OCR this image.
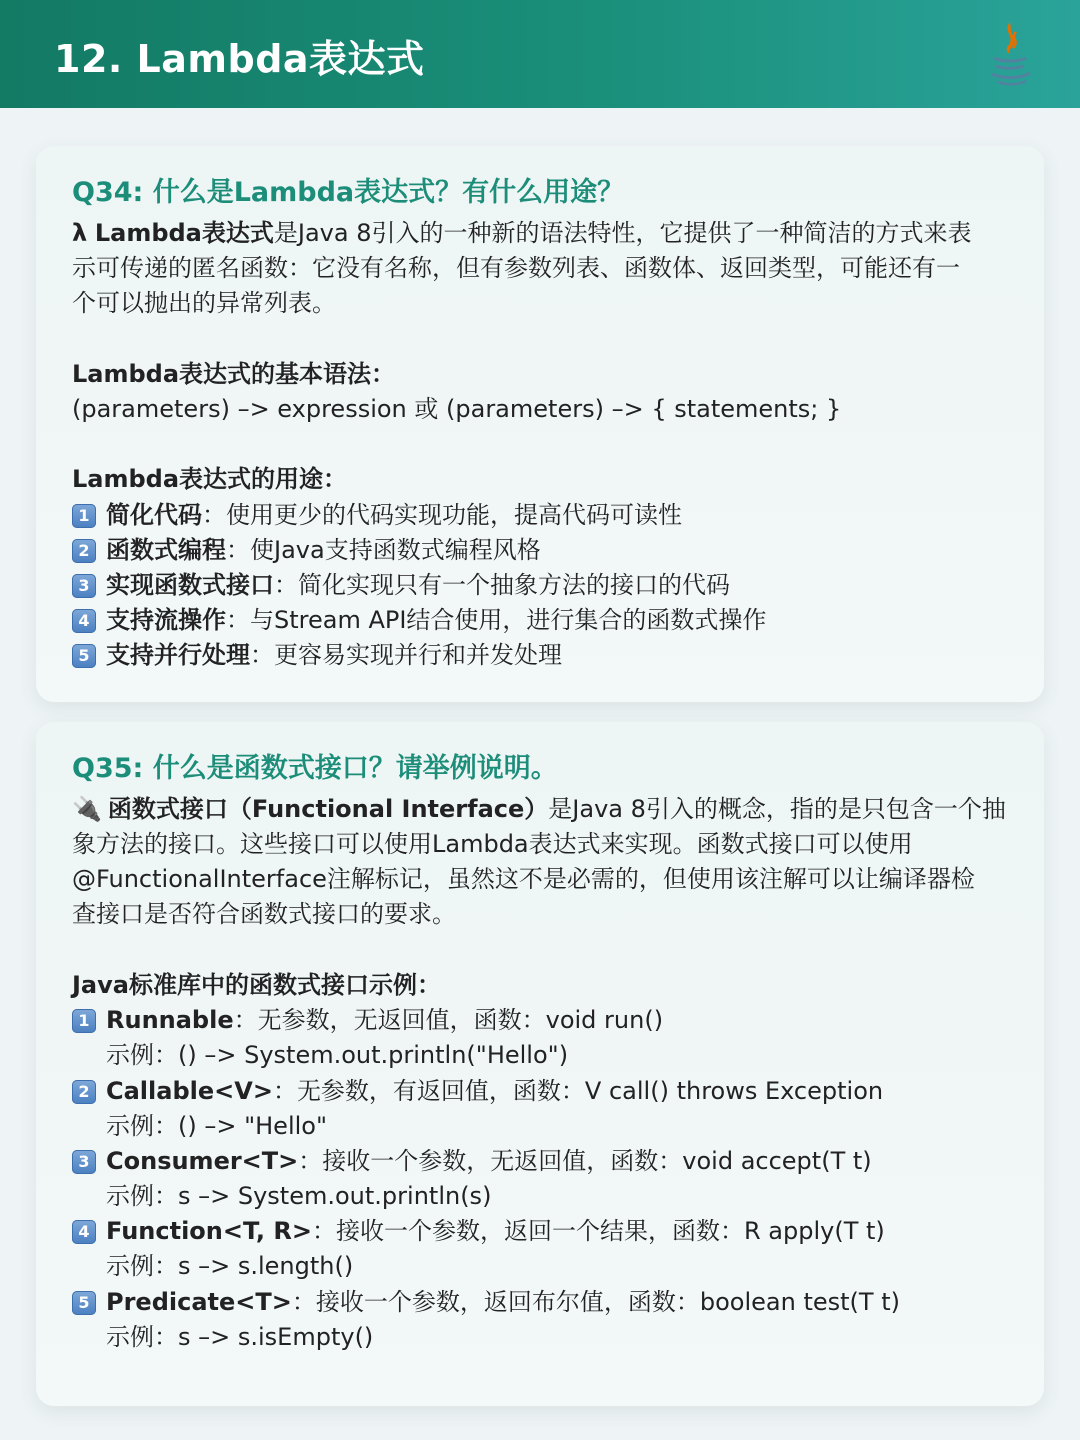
12. Lambda表达式
Q34: 什么是Lambda表达式？有什么用途？
λ Lambda表达式是Java 8引入的一种新的语法特性，它提供了一种简洁的方式来表
示可传递的匿名函数：它没有名称，但有参数列表、函数体、返回类型，可能还有一
个可以抛出的异常列表。
Lambda表达式的基本语法：
(parameters) –> expression 或 (parameters) –> { statements; }
Lambda表达式的用途：
1 简化代码：使用更少的代码实现功能，提高代码可读性
2 函数式编程：使Java支持函数式编程风格
3 实现函数式接口：简化实现只有一个抽象方法的接口的代码
4 支持流操作：与Stream API结合使用，进行集合的函数式操作
5 支持并行处理：更容易实现并行和并发处理
Q35: 什么是函数式接口？请举例说明。
🔌 函数式接口（Functional Interface）是Java 8引入的概念，指的是只包含一个抽
象方法的接口。这些接口可以使用Lambda表达式来实现。函数式接口可以使用
@FunctionalInterface注解标记，虽然这不是必需的，但使用该注解可以让编译器检
查接口是否符合函数式接口的要求。
Java标准库中的函数式接口示例：
1 Runnable：无参数，无返回值，函数：void run()
示例：() –> System.out.println("Hello")
2 Callable<V>：无参数，有返回值，函数：V call() throws Exception
示例：() –> "Hello"
3 Consumer<T>：接收一个参数，无返回值，函数：void accept(T t)
示例：s –> System.out.println(s)
4 Function<T, R>：接收一个参数，返回一个结果，函数：R apply(T t)
示例：s –> s.length()
5 Predicate<T>：接收一个参数，返回布尔值，函数：boolean test(T t)
示例：s –> s.isEmpty()
